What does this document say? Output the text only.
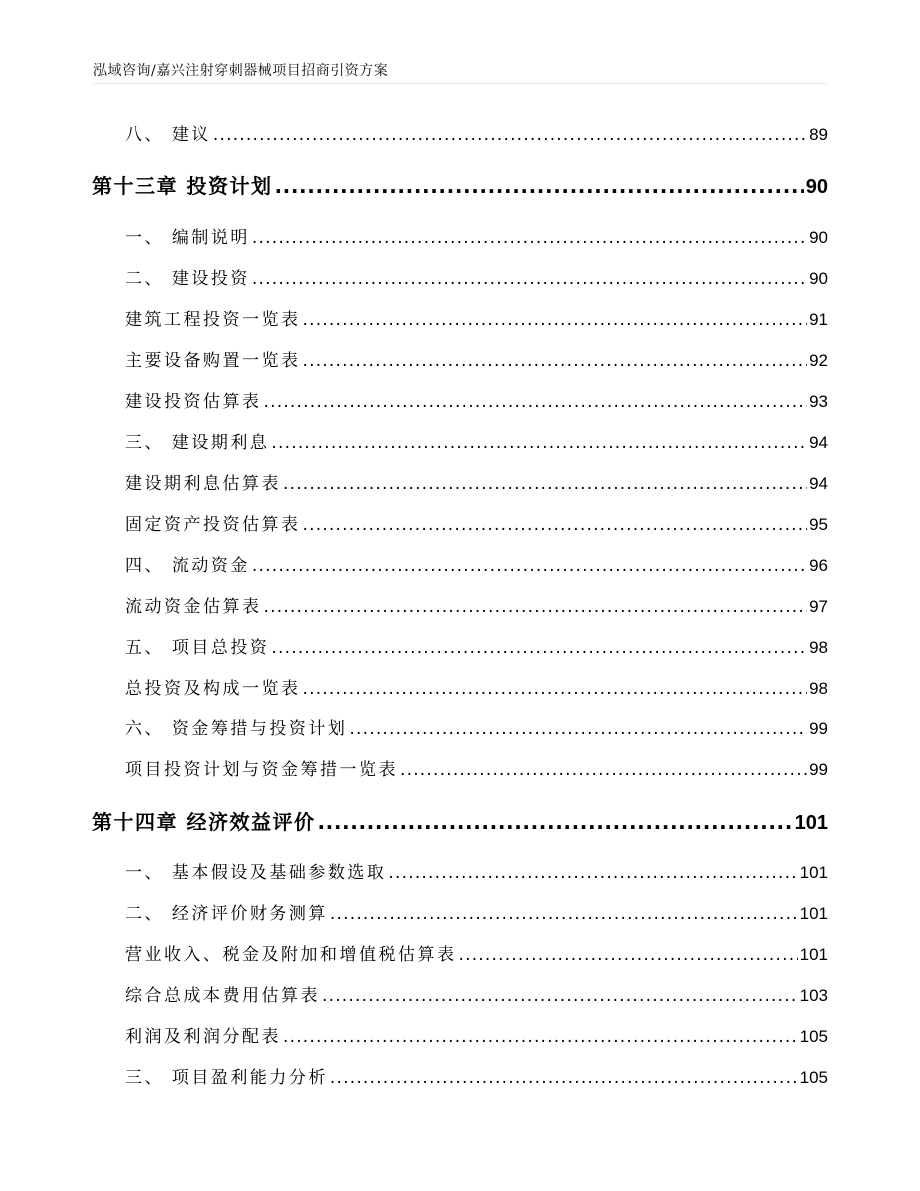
泓域咨询/嘉兴注射穿刺器械项目招商引资方案
八、 建议 .....	89
第十三章 投资计划 .....	90
一、 编制说明 .....	90
二、 建设投资 .....	90
建筑工程投资一览表 .....	91
主要设备购置一览表 .....	92
建设投资估算表 .....	93
三、 建设期利息 .....	94
建设期利息估算表 .....	94
固定资产投资估算表 .....	95
四、 流动资金 .....	96
流动资金估算表 .....	97
五、 项目总投资 .....	98
总投资及构成一览表 .....	98
六、 资金筹措与投资计划 .....	99
项目投资计划与资金筹措一览表 .....	99
第十四章 经济效益评价 .....	101
一、 基本假设及基础参数选取 .....	101
二、 经济评价财务测算 .....	101
营业收入、税金及附加和增值税估算表 .....	101
综合总成本费用估算表 .....	103
利润及利润分配表 .....	105
三、 项目盈利能力分析 .....	105
